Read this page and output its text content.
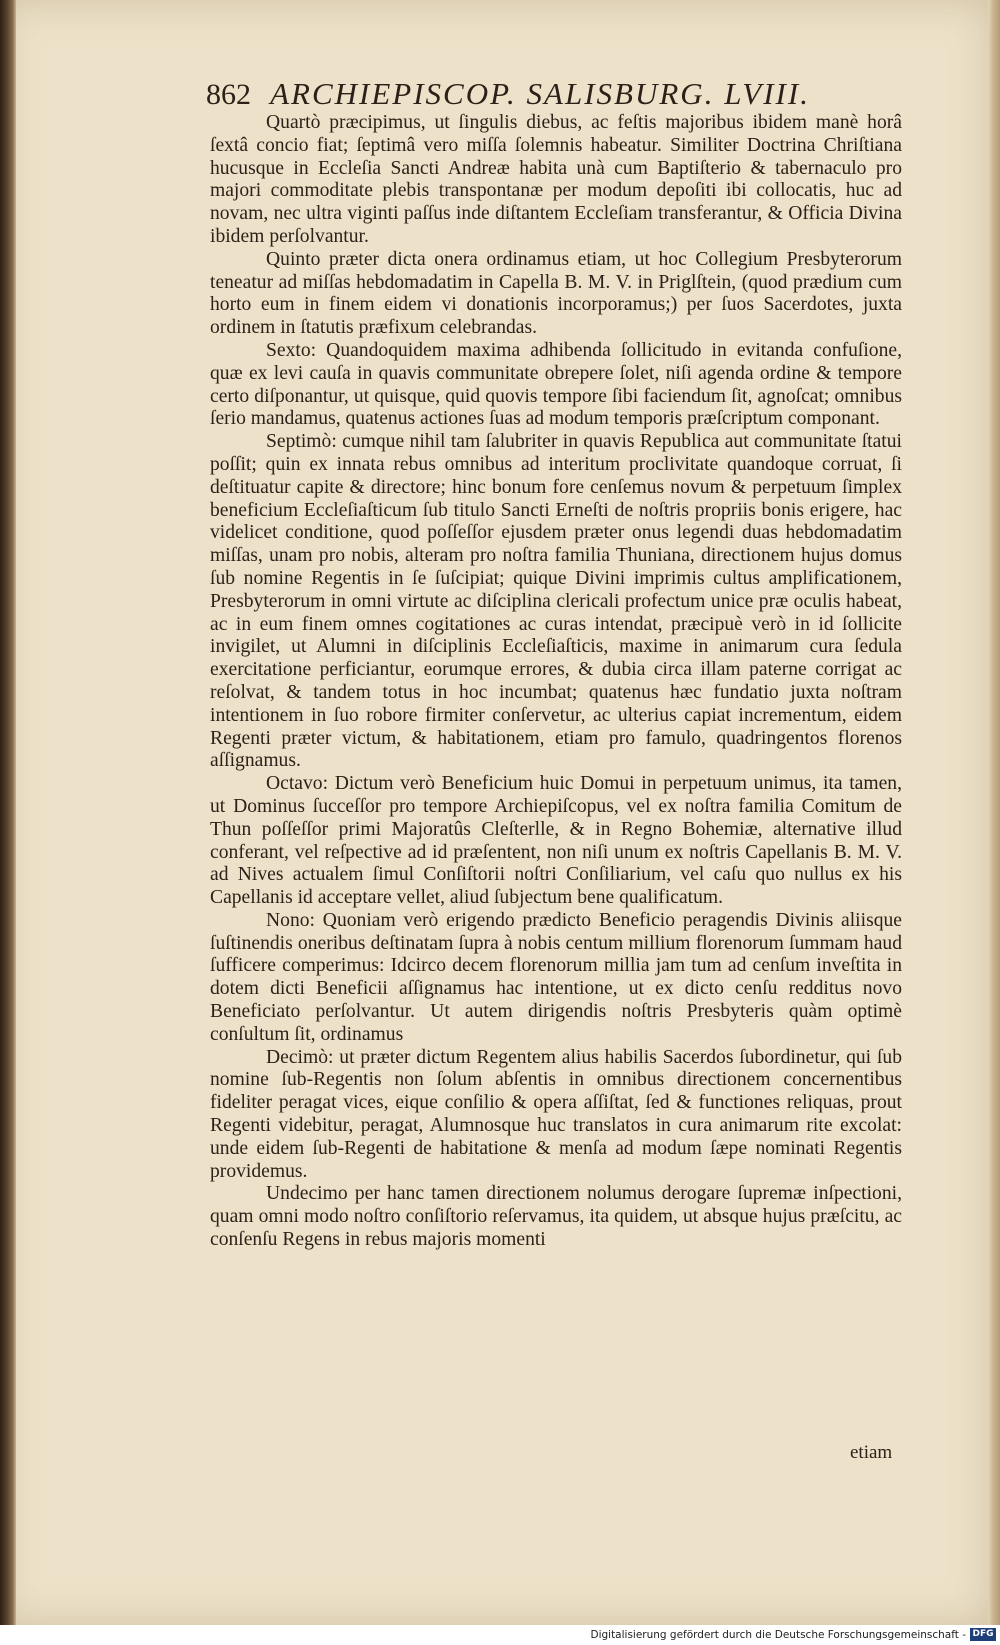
862 ARCHIEPISCOP. SALISBURG. LVIII.

Quartò præcipimus, ut ſingulis diebus, ac feſtis majoribus ibidem manè horâ ſextâ concio fiat; ſeptimâ vero miſſa ſolemnis habeatur. Similiter Doctrina Chriſtiana hucusque in Eccleſia Sancti Andreæ habita unà cum Baptiſterio & tabernaculo pro majori commoditate plebis transpontanæ per modum depoſiti ibi collocatis, huc ad novam, nec ultra viginti paſſus inde diſtantem Eccleſiam transferantur, & Officia Divina ibidem perſolvantur.

Quinto præter dicta onera ordinamus etiam, ut hoc Collegium Presbyterorum teneatur ad miſſas hebdomadatim in Capella B. M. V. in Priglſtein, (quod prædium cum horto eum in finem eidem vi donationis incorporamus;) per ſuos Sacerdotes, juxta ordinem in ſtatutis præfixum celebrandas.

Sexto: Quandoquidem maxima adhibenda ſollicitudo in evitanda confuſione, quæ ex levi cauſa in quavis communitate obrepere ſolet, niſi agenda ordine & tempore certo diſponantur, ut quisque, quid quovis tempore ſibi faciendum ſit, agnoſcat; omnibus ſerio mandamus, quatenus actiones ſuas ad modum temporis præſcriptum componant.

Septimò: cumque nihil tam ſalubriter in quavis Republica aut communitate ſtatui poſſit; quin ex innata rebus omnibus ad interitum proclivitate quandoque corruat, ſi deſtituatur capite & directore; hinc bonum fore cenſemus novum & perpetuum ſimplex beneficium Eccleſiaſticum ſub titulo Sancti Erneſti de noſtris propriis bonis erigere, hac videlicet conditione, quod poſſeſſor ejusdem præter onus legendi duas hebdomadatim miſſas, unam pro nobis, alteram pro noſtra familia Thuniana, directionem hujus domus ſub nomine Regentis in ſe ſuſcipiat; quique Divini imprimis cultus amplificationem, Presbyterorum in omni virtute ac diſciplina clericali profectum unice præ oculis habeat, ac in eum finem omnes cogitationes ac curas intendat, præcipuè verò in id ſollicite invigilet, ut Alumni in diſciplinis Eccleſiaſticis, maxime in animarum cura ſedula exercitatione perficiantur, eorumque errores, & dubia circa illam paterne corrigat ac reſolvat, & tandem totus in hoc incumbat; quatenus hæc fundatio juxta noſtram intentionem in ſuo robore firmiter conſervetur, ac ulterius capiat incrementum, eidem Regenti præter victum, & habitationem, etiam pro famulo, quadringentos florenos aſſignamus.

Octavo: Dictum verò Beneficium huic Domui in perpetuum unimus, ita tamen, ut Dominus ſucceſſor pro tempore Archiepiſcopus, vel ex noſtra familia Comitum de Thun poſſeſſor primi Majoratûs Cleſterlle, & in Regno Bohemiæ, alternative illud conferant, vel reſpective ad id præſentent, non niſi unum ex noſtris Capellanis B. M. V. ad Nives actualem ſimul Conſiſtorii noſtri Conſiliarium, vel caſu quo nullus ex his Capellanis id acceptare vellet, aliud ſubjectum bene qualificatum.

Nono: Quoniam verò erigendo prædicto Beneficio peragendis Divinis aliisque ſuſtinendis oneribus deſtinatam ſupra à nobis centum millium florenorum ſummam haud ſufficere comperimus: Idcirco decem florenorum millia jam tum ad cenſum inveſtita in dotem dicti Beneficii aſſignamus hac intentione, ut ex dicto cenſu redditus novo Beneficiato perſolvantur. Ut autem dirigendis noſtris Presbyteris quàm optimè conſultum ſit, ordinamus

Decimò: ut præter dictum Regentem alius habilis Sacerdos ſubordinetur, qui ſub nomine ſub-Regentis non ſolum abſentis in omnibus directionem concernentibus fideliter peragat vices, eique conſilio & opera aſſiſtat, ſed & functiones reliquas, prout Regenti videbitur, peragat, Alumnosque huc translatos in cura animarum rite excolat: unde eidem ſub-Regenti de habitatione & menſa ad modum ſæpe nominati Regentis providemus.

Undecimo per hanc tamen directionem nolumus derogare ſupremæ inſpectioni, quam omni modo noſtro conſiſtorio reſervamus, ita quidem, ut absque hujus præſcitu, ac conſenſu Regens in rebus majoris momenti

etiam
Digitalisierung gefördert durch die Deutsche Forschungsgemeinschaft - DFG
